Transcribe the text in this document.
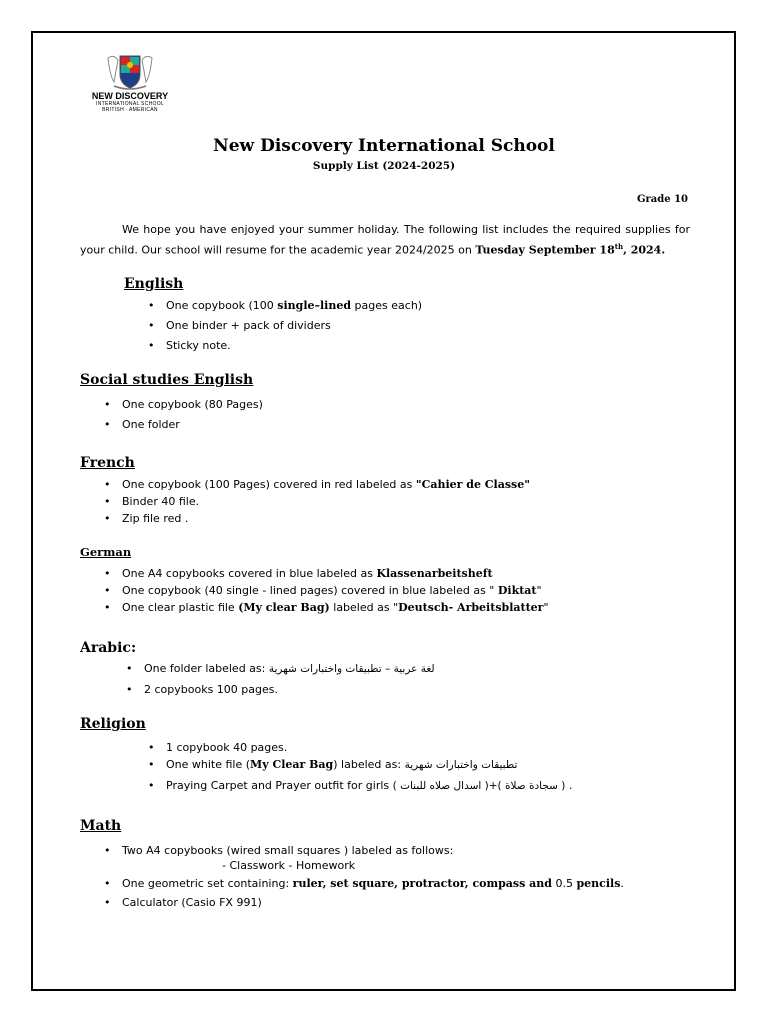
NEW DISCOVERY
INTERNATIONAL SCHOOL
BRITISH · AMERICAN
New Discovery International School
Supply List (2024-2025)
Grade 10
We hope you have enjoyed your summer holiday. The following list includes the required supplies for your child. Our school will resume for the academic year 2024/2025 on Tuesday September 18th, 2024.
English
• One copybook (100 single–lined pages each)
• One binder + pack of dividers
• Sticky note.
Social studies English
• One copybook (80 Pages)
• One folder
French
• One copybook (100 Pages) covered in red labeled as "Cahier de Classe"
• Binder 40 file.
• Zip file red .
German
• One A4 copybooks covered in blue labeled as Klassenarbeitsheft
• One copybook (40 single - lined pages) covered in blue labeled as " Diktat"
• One clear plastic file (My clear Bag) labeled as "Deutsch- Arbeitsblatter"
Arabic:
• One folder labeled as: لغة عربية – تطبيقات واختبارات شهرية
• 2 copybooks 100 pages.
Religion
• 1 copybook 40 pages.
• One white file (My Clear Bag) labeled as: تطبيقات واختبارات شهرية
• Praying Carpet and Prayer outfit for girls ( سجادة صلاة )+( اسدال صلاه للبنات ) .
Math
• Two A4 copybooks (wired small squares ) labeled as follows:
- Classwork - Homework
• One geometric set containing: ruler, set square, protractor, compass and 0.5 pencils.
• Calculator (Casio FX 991)
